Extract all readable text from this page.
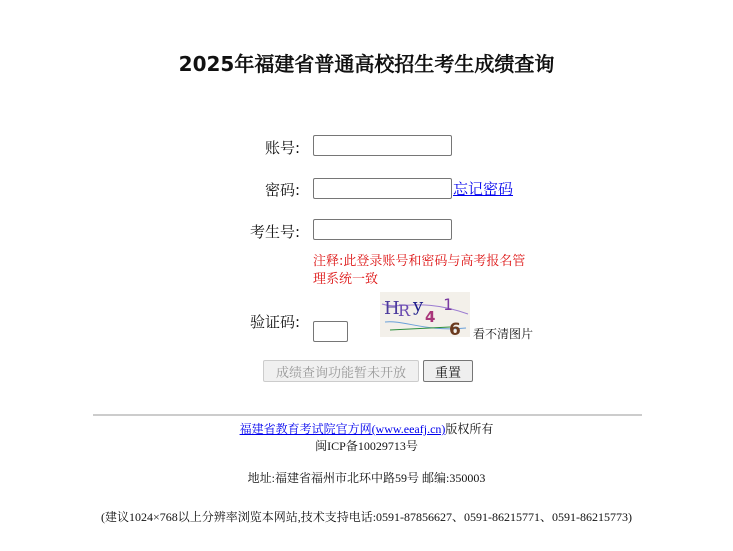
2025年福建省普通高校招生考生成绩查询
账号:
密码:	忘记密码
考生号:
注释:此登录账号和密码与高考报名管理系统一致
验证码:
H
R y
4
1
6 看不清图片
成绩查询功能暂未开放	重置
福建省教育考试院官方网(www.eeafj.cn)版权所有
闽ICP备10029713号
地址:福建省福州市北环中路59号 邮编:350003
(建议1024×768以上分辨率浏览本网站,技术支持电话:0591-87856627、0591-86215771、0591-86215773)
